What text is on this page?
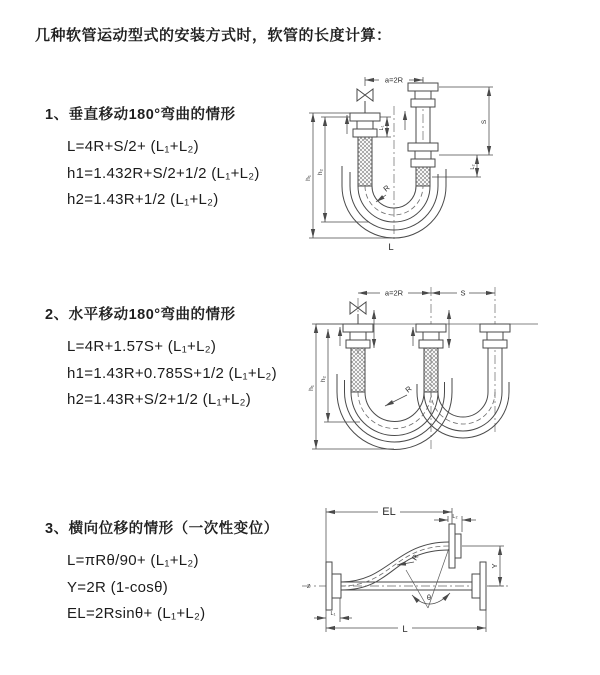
几种软管运动型式的安装方式时，软管的长度计算：
1、垂直移动180°弯曲的情形
L=4R+S/2+ (L₁+L₂)
h1=1.432R+S/2+1/2 (L₁+L₂)
h2=1.43R+1/2 (L₁+L₂)
a=2R
R
L
h₁
h₂
L₁
S
L₂
2、水平移动180°弯曲的情形
L=4R+1.57S+ (L₁+L₂)
h1=1.43R+0.785S+1/2 (L₁+L₂)
h2=1.43R+S/2+1/2 (L₁+L₂)
a=2R	S
R
h₁
h₂
3、横向位移的情形（一次性变位）
L=πRθ/90+ (L₁+L₂)
Y=2R (1-cosθ)
EL=2Rsinθ+ (L₁+L₂)
EL	L₂
Y
θ
R
L₁
L
Z
